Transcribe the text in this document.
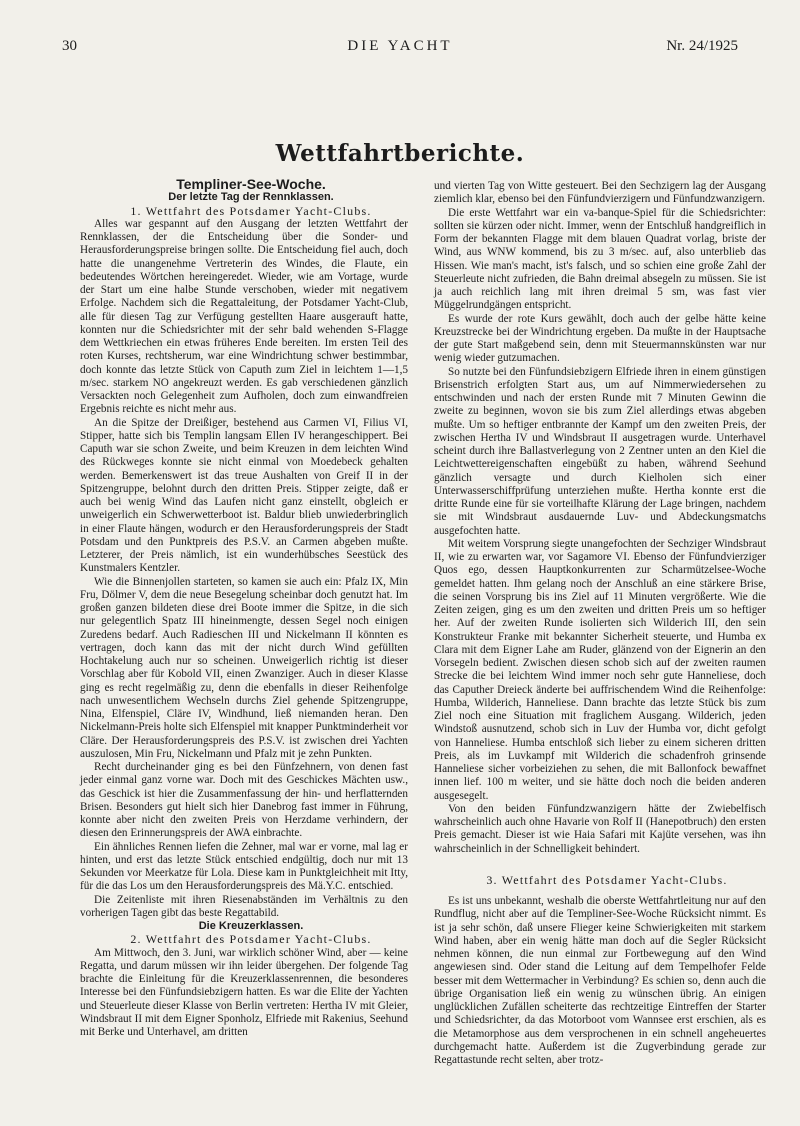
30	DIE YACHT	Nr. 24/1925
Wettfahrtberichte.

Templiner-See-Woche.

Der letzte Tag der Rennklassen.

1. Wettfahrt des Potsdamer Yacht-Clubs.

Alles war gespannt auf den Ausgang der letzten Wettfahrt der Rennklassen, der die Entscheidung über die Sonder- und Herausforderungspreise bringen sollte. Die Entscheidung fiel auch, doch hatte die unangenehme Vertreterin des Windes, die Flaute, ein bedeutendes Wörtchen hereingeredet. Wieder, wie am Vortage, wurde der Start um eine halbe Stunde verschoben, wieder mit negativem Erfolge. Nachdem sich die Regattaleitung, der Potsdamer Yacht-Club, alle für diesen Tag zur Verfügung gestellten Haare ausgerauft hatte, konnten nur die Schiedsrichter mit der sehr bald wehenden S-Flagge dem Wettkriechen ein etwas früheres Ende bereiten. Im ersten Teil des roten Kurses, rechtsherum, war eine Windrichtung schwer bestimmbar, doch konnte das letzte Stück von Caputh zum Ziel in leichtem 1—1,5 m/sec. starkem NO angekreuzt werden. Es gab verschiedenen gänzlich Versackten noch Gelegenheit zum Aufholen, doch zum einwandfreien Ergebnis reichte es nicht mehr aus.

An die Spitze der Dreißiger, bestehend aus Carmen VI, Filius VI, Stipper, hatte sich bis Templin langsam Ellen IV herangeschippert. Bei Caputh war sie schon Zweite, und beim Kreuzen in dem leichten Wind des Rückweges konnte sie nicht einmal von Moedebeck gehalten werden. Bemerkenswert ist das treue Aushalten von Greif II in der Spitzengruppe, belohnt durch den dritten Preis. Stipper zeigte, daß er auch bei wenig Wind das Laufen nicht ganz einstellt, obgleich er unweigerlich ein Schwerwetterboot ist. Baldur blieb unwiederbringlich in einer Flaute hängen, wodurch er den Herausforderungspreis der Stadt Potsdam und den Punktpreis des P.S.V. an Carmen abgeben mußte. Letzterer, der Preis nämlich, ist ein wunderhübsches Seestück des Kunstmalers Kentzler.

Wie die Binnenjollen starteten, so kamen sie auch ein: Pfalz IX, Min Fru, Dölmer V, dem die neue Besegelung scheinbar doch genutzt hat. Im großen ganzen bildeten diese drei Boote immer die Spitze, in die sich nur gelegentlich Spatz III hineinmengte, dessen Segel noch einigen Zuredens bedarf. Auch Radieschen III und Nickelmann II könnten es vertragen, doch kann das mit der nicht durch Wind gefüllten Hochtakelung auch nur so scheinen. Unweigerlich richtig ist dieser Vorschlag aber für Kobold VII, einen Zwanziger. Auch in dieser Klasse ging es recht regelmäßig zu, denn die ebenfalls in dieser Reihenfolge nach unwesentlichem Wechseln durchs Ziel gehende Spitzengruppe, Nina, Elfenspiel, Cläre IV, Windhund, ließ niemanden heran. Den Nickelmann-Preis holte sich Elfenspiel mit knapper Punktminderheit vor Cläre. Der Herausforderungspreis des P.S.V. ist zwischen drei Yachten auszulosen, Min Fru, Nickelmann und Pfalz mit je zehn Punkten.

Recht durcheinander ging es bei den Fünfzehnern, von denen fast jeder einmal ganz vorne war. Doch mit des Geschickes Mächten usw., das Geschick ist hier die Zusammenfassung der hin- und herflatternden Brisen. Besonders gut hielt sich hier Danebrog fast immer in Führung, konnte aber nicht den zweiten Preis von Herzdame verhindern, der diesen den Erinnerungspreis der AWA einbrachte.

Ein ähnliches Rennen liefen die Zehner, mal war er vorne, mal lag er hinten, und erst das letzte Stück entschied endgültig, doch nur mit 13 Sekunden vor Meerkatze für Lola. Diese kam in Punktgleichheit mit Itty, für die das Los um den Herausforderungspreis des Mä.Y.C. entschied.

Die Zeitenliste mit ihren Riesenabständen im Verhältnis zu den vorherigen Tagen gibt das beste Regattabild.

Die Kreuzerklassen.

2. Wettfahrt des Potsdamer Yacht-Clubs.

Am Mittwoch, den 3. Juni, war wirklich schöner Wind, aber — keine Regatta, und darum müssen wir ihn leider übergehen. Der folgende Tag brachte die Einleitung für die Kreuzerklassenrennen, die besonderes Interesse bei den Fünfundsiebzigern hatten. Es war die Elite der Yachten und Steuerleute dieser Klasse von Berlin vertreten: Hertha IV mit Gleier, Windsbraut II mit dem Eigner Sponholz, Elfriede mit Rakenius, Seehund mit Berke und Unterhavel, am dritten

und vierten Tag von Witte gesteuert. Bei den Sechzigern lag der Ausgang ziemlich klar, ebenso bei den Fünfundvierzigern und Fünfundzwanzigern.

Die erste Wettfahrt war ein va-banque-Spiel für die Schiedsrichter: sollten sie kürzen oder nicht. Immer, wenn der Entschluß handgreiflich in Form der bekannten Flagge mit dem blauen Quadrat vorlag, briste der Wind, aus WNW kommend, bis zu 3 m/sec. auf, also unterblieb das Hissen. Wie man's macht, ist's falsch, und so schien eine große Zahl der Steuerleute nicht zufrieden, die Bahn dreimal absegeln zu müssen. Sie ist ja auch reichlich lang mit ihren dreimal 5 sm, was fast vier Müggelrundgängen entspricht.

Es wurde der rote Kurs gewählt, doch auch der gelbe hätte keine Kreuzstrecke bei der Windrichtung ergeben. Da mußte in der Hauptsache der gute Start maßgebend sein, denn mit Steuermannskünsten war nur wenig wieder gutzumachen.

So nutzte bei den Fünfundsiebzigern Elfriede ihren in einem günstigen Brisenstrich erfolgten Start aus, um auf Nimmerwiedersehen zu entschwinden und nach der ersten Runde mit 7 Minuten Gewinn die zweite zu beginnen, wovon sie bis zum Ziel allerdings etwas abgeben mußte. Um so heftiger entbrannte der Kampf um den zweiten Preis, der zwischen Hertha IV und Windsbraut II ausgetragen wurde. Unterhavel scheint durch ihre Ballastverlegung von 2 Zentner unten an den Kiel die Leichtwettereigenschaften eingebüßt zu haben, während Seehund gänzlich versagte und durch Kielholen sich einer Unterwasserschiffprüfung unterziehen mußte. Hertha konnte erst die dritte Runde eine für sie vorteilhafte Klärung der Lage bringen, nachdem sie mit Windsbraut ausdauernde Luv- und Abdeckungsmatchs ausgefochten hatte.

Mit weitem Vorsprung siegte unangefochten der Sechziger Windsbraut II, wie zu erwarten war, vor Sagamore VI. Ebenso der Fünfundvierziger Quos ego, dessen Hauptkonkurrenten zur Scharmützelsee-Woche gemeldet hatten. Ihm gelang noch der Anschluß an eine stärkere Brise, die seinen Vorsprung bis ins Ziel auf 11 Minuten vergrößerte. Wie die Zeiten zeigen, ging es um den zweiten und dritten Preis um so heftiger her. Auf der zweiten Runde isolierten sich Wilderich III, den sein Konstrukteur Franke mit bekannter Sicherheit steuerte, und Humba ex Clara mit dem Eigner Lahe am Ruder, glänzend von der Eignerin an den Vorsegeln bedient. Zwischen diesen schob sich auf der zweiten raumen Strecke die bei leichtem Wind immer noch sehr gute Hanneliese, doch das Caputher Dreieck änderte bei auffrischendem Wind die Reihenfolge: Humba, Wilderich, Hanneliese. Dann brachte das letzte Stück bis zum Ziel noch eine Situation mit fraglichem Ausgang. Wilderich, jeden Windstoß ausnutzend, schob sich in Luv der Humba vor, dicht gefolgt von Hanneliese. Humba entschloß sich lieber zu einem sicheren dritten Preis, als im Luvkampf mit Wilderich die schadenfroh grinsende Hanneliese sicher vorbeiziehen zu sehen, die mit Ballonfock bewaffnet innen lief. 100 m weiter, und sie hätte doch noch die beiden anderen ausgesegelt.

Von den beiden Fünfundzwanzigern hätte der Zwiebelfisch wahrscheinlich auch ohne Havarie von Rolf II (Hanepotbruch) den ersten Preis gemacht. Dieser ist wie Haia Safari mit Kajüte versehen, was ihn wahrscheinlich in der Schnelligkeit behindert.

3. Wettfahrt des Potsdamer Yacht-Clubs.

Es ist uns unbekannt, weshalb die oberste Wettfahrtleitung nur auf den Rundflug, nicht aber auf die Templiner-See-Woche Rücksicht nimmt. Es ist ja sehr schön, daß unsere Flieger keine Schwierigkeiten mit starkem Wind haben, aber ein wenig hätte man doch auf die Segler Rücksicht nehmen können, die nun einmal zur Fortbewegung auf den Wind angewiesen sind. Oder stand die Leitung auf dem Tempelhofer Felde besser mit dem Wettermacher in Verbindung? Es schien so, denn auch die übrige Organisation ließ ein wenig zu wünschen übrig. An einigen unglücklichen Zufällen scheiterte das rechtzeitige Eintreffen der Starter und Schiedsrichter, da das Motorboot vom Wannsee erst erschien, als es die Metamorphose aus dem versprochenen in ein schnell angeheuertes durchgemacht hatte. Außerdem ist die Zugverbindung gerade zur Regattastunde recht selten, aber trotz-
